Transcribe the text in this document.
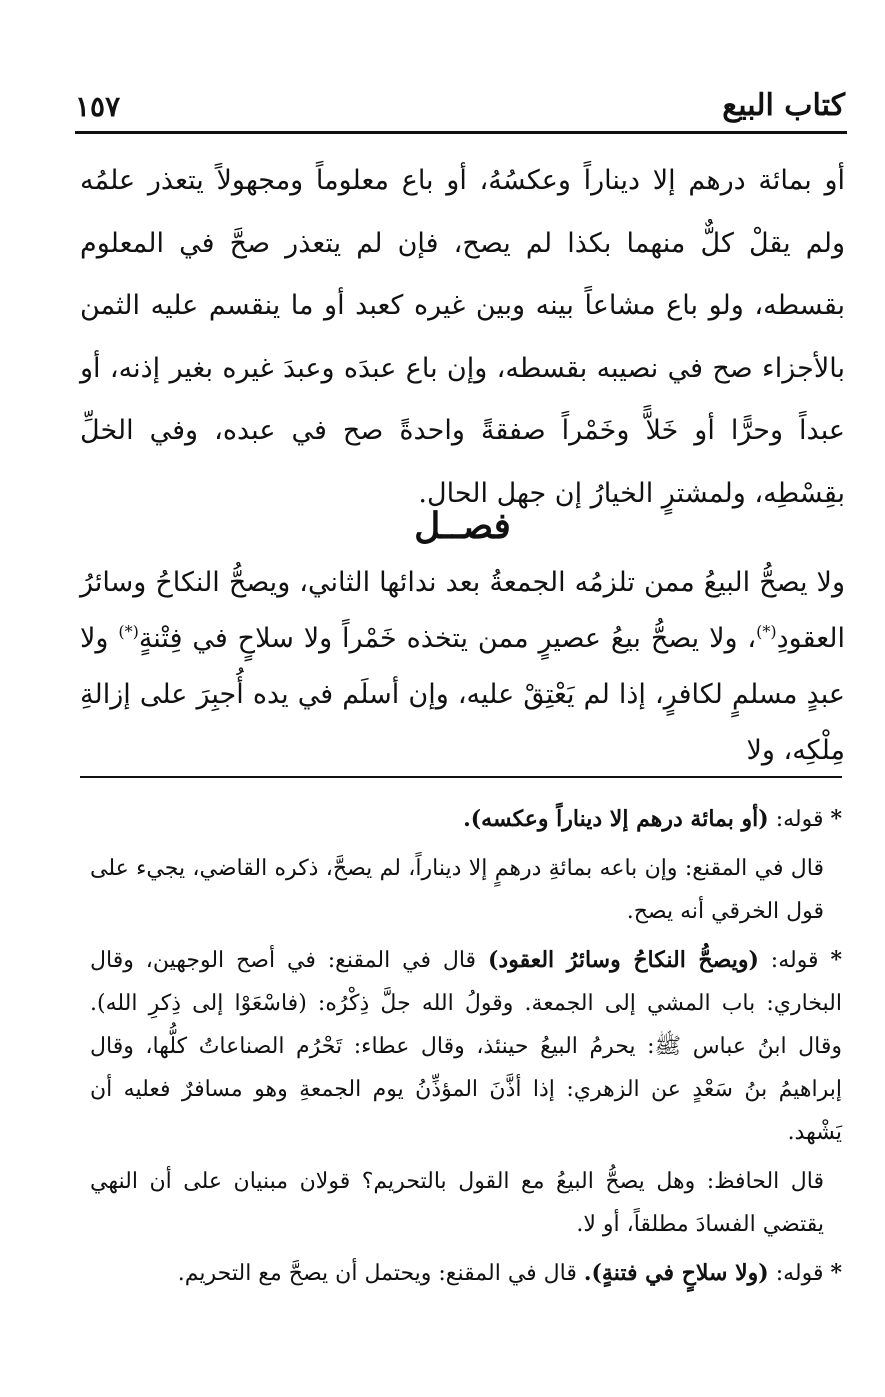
كتاب البيع
١٥٧

أو بمائة درهم إلا ديناراً وعكسُهُ، أو باع معلوماً ومجهولاً يتعذر علمُه ولم يقلْ كلٌّ منهما بكذا لم يصح، فإن لم يتعذر صحَّ في المعلوم بقسطه، ولو باع مشاعاً بينه وبين غيره كعبد أو ما ينقسم عليه الثمن بالأجزاء صح في نصيبه بقسطه، وإن باع عبدَه وعبدَ غيره بغير إذنه، أو عبداً وحرًّا أو خَلاًّ وخَمْراً صفقةً واحدةً صح في عبده، وفي الخلِّ بقِسْطِه، ولمشترٍ الخيارُ إن جهل الحال.

فصــل
ولا يصحُّ البيعُ ممن تلزمُه الجمعةُ بعد ندائها الثاني، ويصحُّ النكاحُ وسائرُ العقودِ(*)، ولا يصحُّ بيعُ عصيرٍ ممن يتخذه خَمْراً ولا سلاحٍ في فِتْنةٍ(*) ولا عبدٍ مسلمٍ لكافرٍ، إذا لم يَعْتِقْ عليه، وإن أسلَم في يده أُجبِرَ على إزالةِ مِلْكِه، ولا

* قوله: (أو بمائة درهم إلا ديناراً وعكسه).

قال في المقنع: وإن باعه بمائةِ درهمٍ إلا ديناراً، لم يصحَّ، ذكره القاضي، يجيء على قول الخرقي أنه يصح.

* قوله: (ويصحُّ النكاحُ وسائرُ العقود) قال في المقنع: في أصح الوجهين، وقال البخاري: باب المشي إلى الجمعة. وقولُ الله جلَّ ذِكْرُه: (فاسْعَوْا إلى ذِكرِ الله). وقال ابنُ عباس ﷺ: يحرمُ البيعُ حينئذ، وقال عطاء: تَحْرُم الصناعاتُ كلُّها، وقال إبراهيمُ بنُ سَعْدٍ عن الزهري: إذا أذَّنَ المؤذِّنُ يوم الجمعةِ وهو مسافرٌ فعليه أن يَشْهد.

قال الحافظ: وهل يصحُّ البيعُ مع القول بالتحريم؟ قولان مبنيان على أن النهي يقتضي الفسادَ مطلقاً، أو لا.

* قوله: (ولا سلاحٍ في فتنةٍ). قال في المقنع: ويحتمل أن يصحَّ مع التحريم.
